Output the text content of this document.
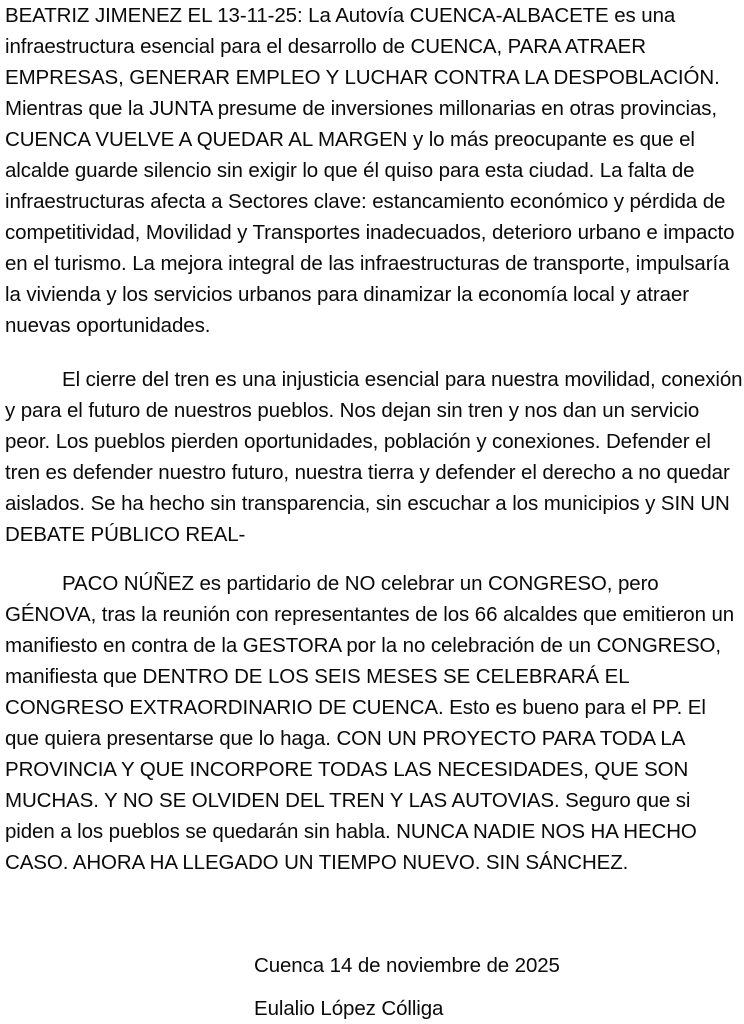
BEATRIZ JIMENEZ EL 13-11-25: La Autovía CUENCA-ALBACETE es una infraestructura esencial para el desarrollo de CUENCA, PARA ATRAER EMPRESAS, GENERAR EMPLEO Y LUCHAR CONTRA LA DESPOBLACIÓN. Mientras que la JUNTA presume de inversiones millonarias en otras provincias, CUENCA VUELVE A QUEDAR AL MARGEN y lo más preocupante es que el alcalde guarde silencio sin exigir lo que él quiso para esta ciudad. La falta de infraestructuras afecta a Sectores clave: estancamiento económico y pérdida de competitividad, Movilidad y Transportes inadecuados, deterioro urbano e impacto en el turismo. La mejora integral de las infraestructuras de transporte, impulsaría la vivienda y los servicios urbanos para dinamizar la economía local y atraer nuevas oportunidades.

El cierre del tren es una injusticia esencial para nuestra movilidad, conexión y para el futuro de nuestros pueblos. Nos dejan sin tren y nos dan un servicio peor. Los pueblos pierden oportunidades, población y conexiones. Defender el tren es defender nuestro futuro, nuestra tierra y defender el derecho a no quedar aislados. Se ha hecho sin transparencia, sin escuchar a los municipios y SIN UN DEBATE PÚBLICO REAL-

PACO NÚÑEZ es partidario de NO celebrar un CONGRESO, pero GÉNOVA, tras la reunión con representantes de los 66 alcaldes que emitieron un manifiesto en contra de la GESTORA por la no celebración de un CONGRESO, manifiesta que DENTRO DE LOS SEIS MESES SE CELEBRARÁ EL CONGRESO EXTRAORDINARIO DE CUENCA. Esto es bueno para el PP. El que quiera presentarse que lo haga. CON UN PROYECTO PARA TODA LA PROVINCIA Y QUE INCORPORE TODAS LAS NECESIDADES, QUE SON MUCHAS. Y NO SE OLVIDEN DEL TREN Y LAS AUTOVIAS. Seguro que si piden a los pueblos se quedarán sin habla. NUNCA NADIE NOS HA HECHO CASO. AHORA HA LLEGADO UN TIEMPO NUEVO. SIN SÁNCHEZ.

Cuenca 14 de noviembre de 2025

Eulalio López Cólliga
